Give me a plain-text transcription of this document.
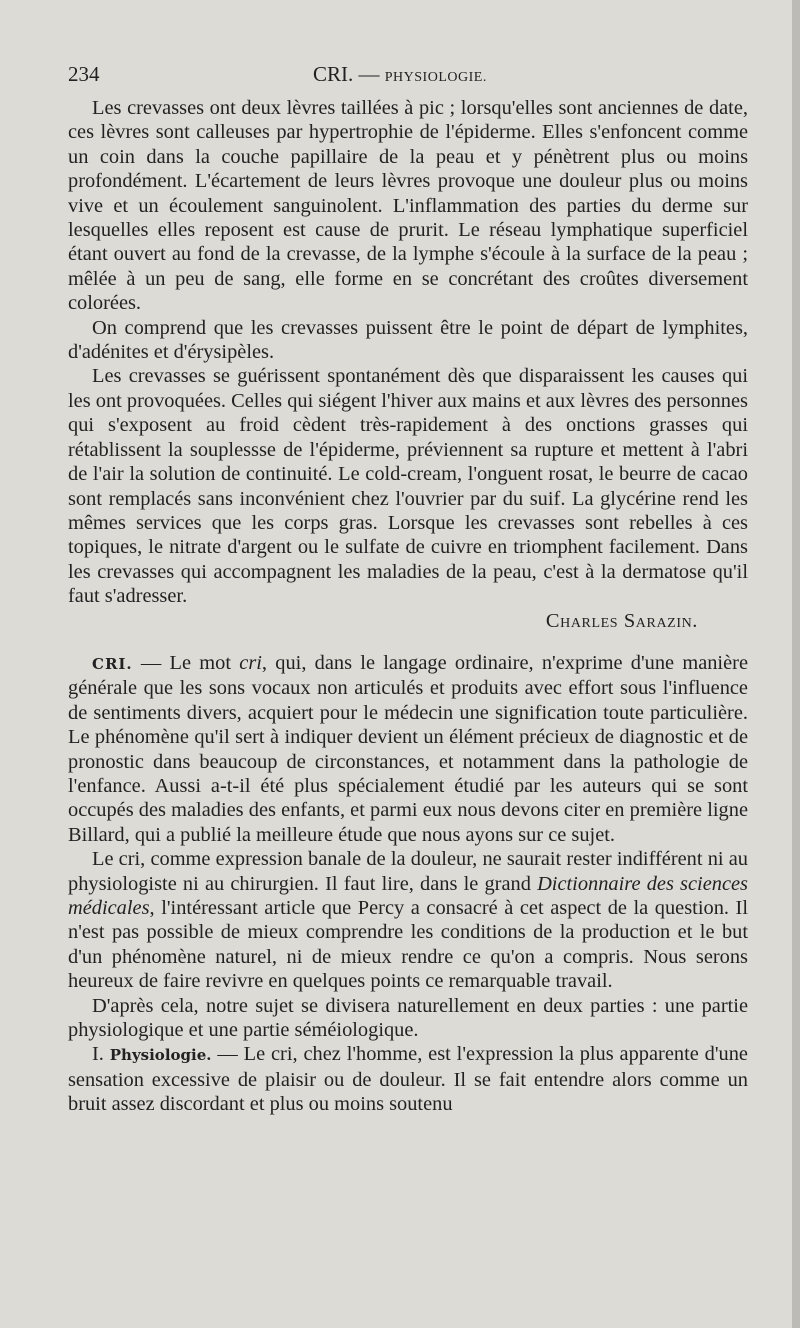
234	CRI. — PHYSIOLOGIE.

Les crevasses ont deux lèvres taillées à pic ; lorsqu'elles sont anciennes de date, ces lèvres sont calleuses par hypertrophie de l'épiderme. Elles s'enfoncent comme un coin dans la couche papillaire de la peau et y pénètrent plus ou moins profondément. L'écartement de leurs lèvres provoque une douleur plus ou moins vive et un écoulement sanguinolent. L'inflammation des parties du derme sur lesquelles elles reposent est cause de prurit. Le réseau lymphatique superficiel étant ouvert au fond de la crevasse, de la lymphe s'écoule à la surface de la peau ; mêlée à un peu de sang, elle forme en se concrétant des croûtes diversement colorées.

On comprend que les crevasses puissent être le point de départ de lymphites, d'adénites et d'érysipèles.

Les crevasses se guérissent spontanément dès que disparaissent les causes qui les ont provoquées. Celles qui siégent l'hiver aux mains et aux lèvres des personnes qui s'exposent au froid cèdent très-rapidement à des onctions grasses qui rétablissent la souplessse de l'épiderme, préviennent sa rupture et mettent à l'abri de l'air la solution de continuité. Le cold-cream, l'onguent rosat, le beurre de cacao sont remplacés sans inconvénient chez l'ouvrier par du suif. La glycérine rend les mêmes services que les corps gras. Lorsque les crevasses sont rebelles à ces topiques, le nitrate d'argent ou le sulfate de cuivre en triomphent facilement. Dans les crevasses qui accompagnent les maladies de la peau, c'est à la dermatose qu'il faut s'adresser.

Charles Sarazin.

CRI. — Le mot cri, qui, dans le langage ordinaire, n'exprime d'une manière générale que les sons vocaux non articulés et produits avec effort sous l'influence de sentiments divers, acquiert pour le médecin une signification toute particulière. Le phénomène qu'il sert à indiquer devient un élément précieux de diagnostic et de pronostic dans beaucoup de circonstances, et notamment dans la pathologie de l'enfance. Aussi a-t-il été plus spécialement étudié par les auteurs qui se sont occupés des maladies des enfants, et parmi eux nous devons citer en première ligne Billard, qui a publié la meilleure étude que nous ayons sur ce sujet.

Le cri, comme expression banale de la douleur, ne saurait rester indifférent ni au physiologiste ni au chirurgien. Il faut lire, dans le grand Dictionnaire des sciences médicales, l'intéressant article que Percy a consacré à cet aspect de la question. Il n'est pas possible de mieux comprendre les conditions de la production et le but d'un phénomène naturel, ni de mieux rendre ce qu'on a compris. Nous serons heureux de faire revivre en quelques points ce remarquable travail.

D'après cela, notre sujet se divisera naturellement en deux parties : une partie physiologique et une partie séméiologique.

I. Physiologie. — Le cri, chez l'homme, est l'expression la plus apparente d'une sensation excessive de plaisir ou de douleur. Il se fait entendre alors comme un bruit assez discordant et plus ou moins soutenu
